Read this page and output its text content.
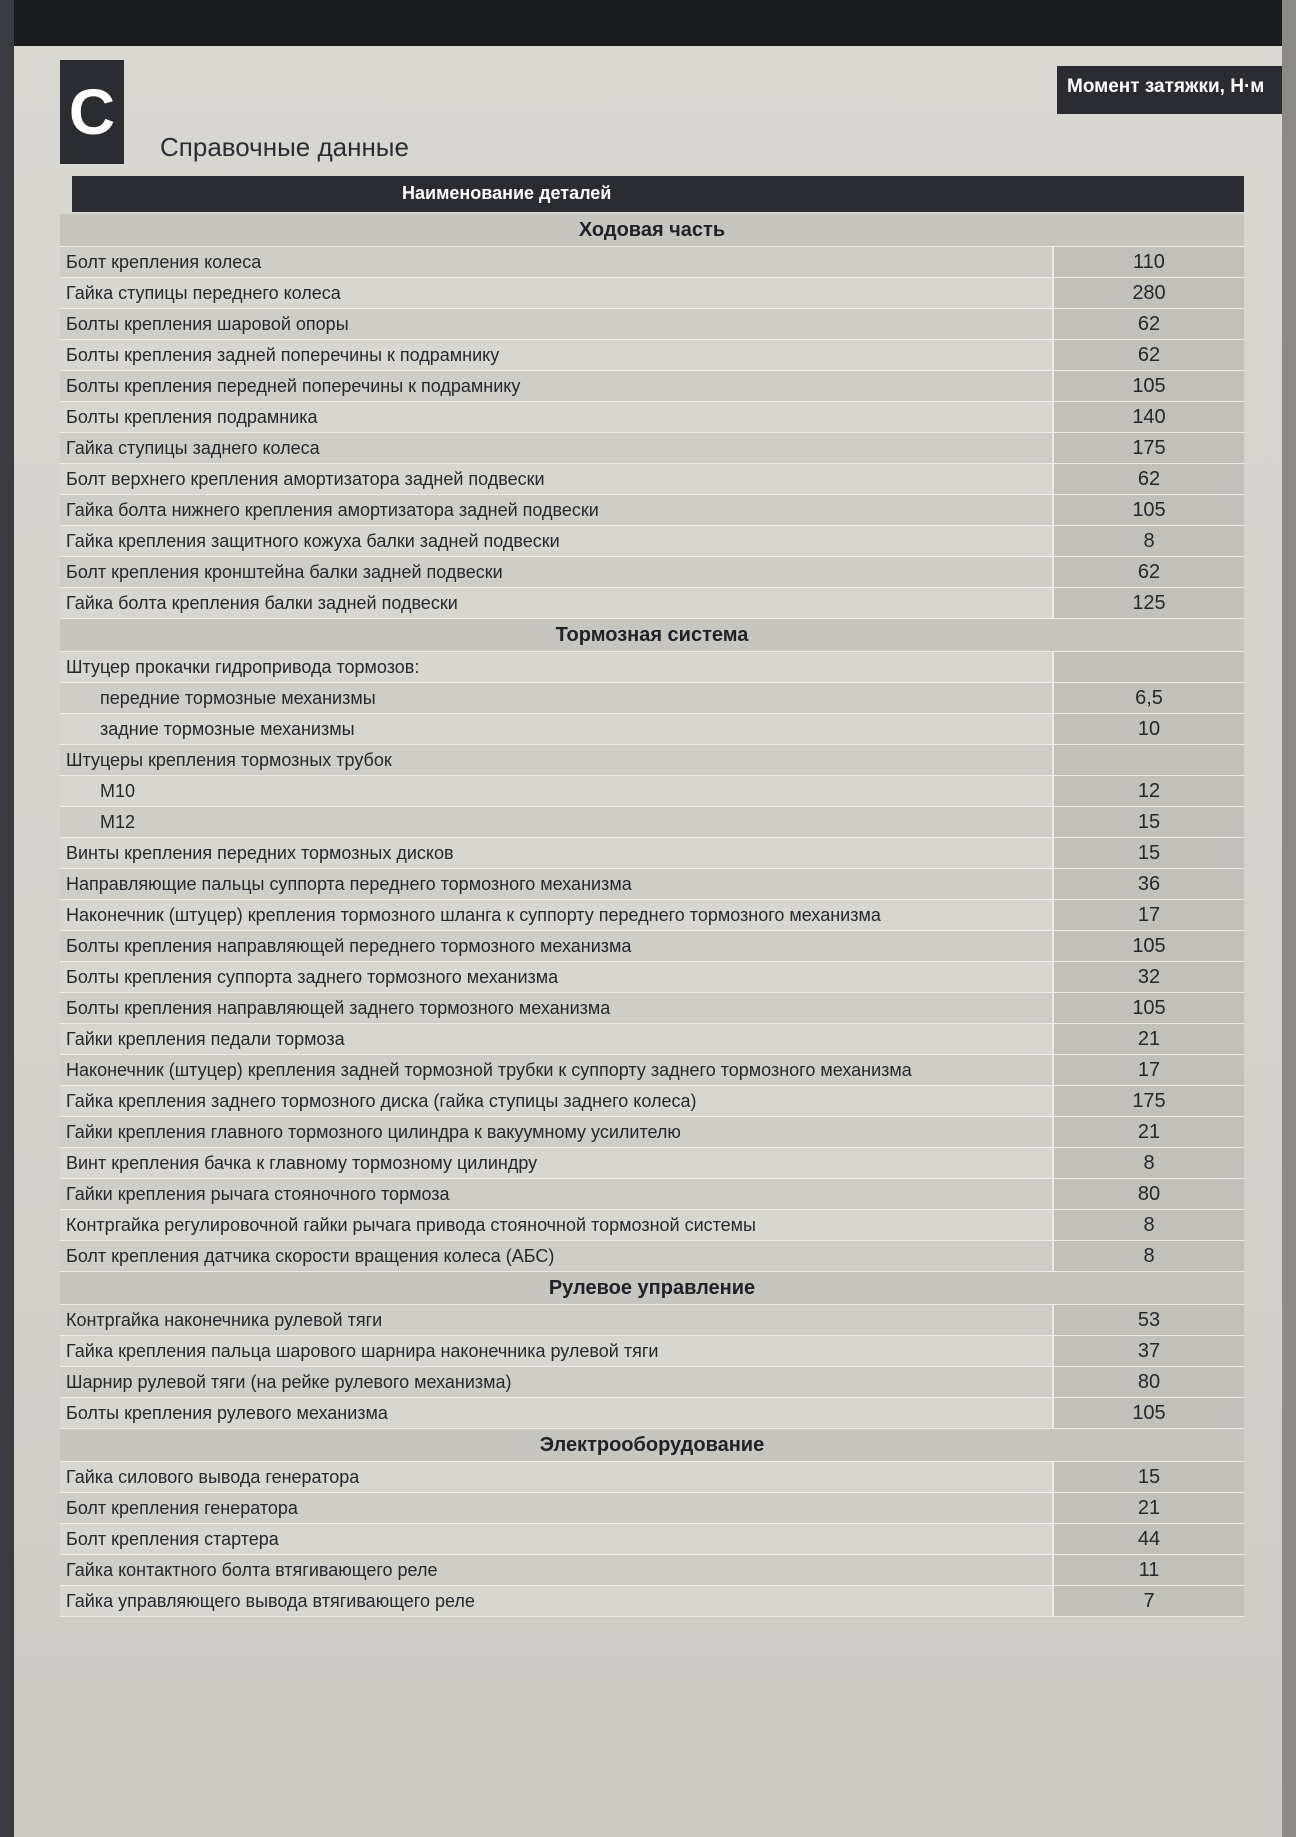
С	Справочные данные
Момент затяжки, Н·м
Наименование деталей
Ходовая часть
Болт крепления колеса	110
Гайка ступицы переднего колеса	280
Болты крепления шаровой опоры	62
Болты крепления задней поперечины к подрамнику	62
Болты крепления передней поперечины к подрамнику	105
Болты крепления подрамника	140
Гайка ступицы заднего колеса	175
Болт верхнего крепления амортизатора задней подвески	62
Гайка болта нижнего крепления амортизатора задней подвески	105
Гайка крепления защитного кожуха балки задней подвески	8
Болт крепления кронштейна балки задней подвески	62
Гайка болта крепления балки задней подвески	125
Тормозная система
Штуцер прокачки гидропривода тормозов:
передние тормозные механизмы	6,5
задние тормозные механизмы	10
Штуцеры крепления тормозных трубок
M10	12
M12	15
Винты крепления передних тормозных дисков	15
Направляющие пальцы суппорта переднего тормозного механизма	36
Наконечник (штуцер) крепления тормозного шланга к суппорту переднего тормозного механизма	17
Болты крепления направляющей переднего тормозного механизма	105
Болты крепления суппорта заднего тормозного механизма	32
Болты крепления направляющей заднего тормозного механизма	105
Гайки крепления педали тормоза	21
Наконечник (штуцер) крепления задней тормозной трубки к суппорту заднего тормозного механизма	17
Гайка крепления заднего тормозного диска (гайка ступицы заднего колеса)	175
Гайки крепления главного тормозного цилиндра к вакуумному усилителю	21
Винт крепления бачка к главному тормозному цилиндру	8
Гайки крепления рычага стояночного тормоза	80
Контргайка регулировочной гайки рычага привода стояночной тормозной системы	8
Болт крепления датчика скорости вращения колеса (АБС)	8
Рулевое управление
Контргайка наконечника рулевой тяги	53
Гайка крепления пальца шарового шарнира наконечника рулевой тяги	37
Шарнир рулевой тяги (на рейке рулевого механизма)	80
Болты крепления рулевого механизма	105
Электрооборудование
Гайка силового вывода генератора	15
Болт крепления генератора	21
Болт крепления стартера	44
Гайка контактного болта втягивающего реле	11
Гайка управляющего вывода втягивающего реле	7
